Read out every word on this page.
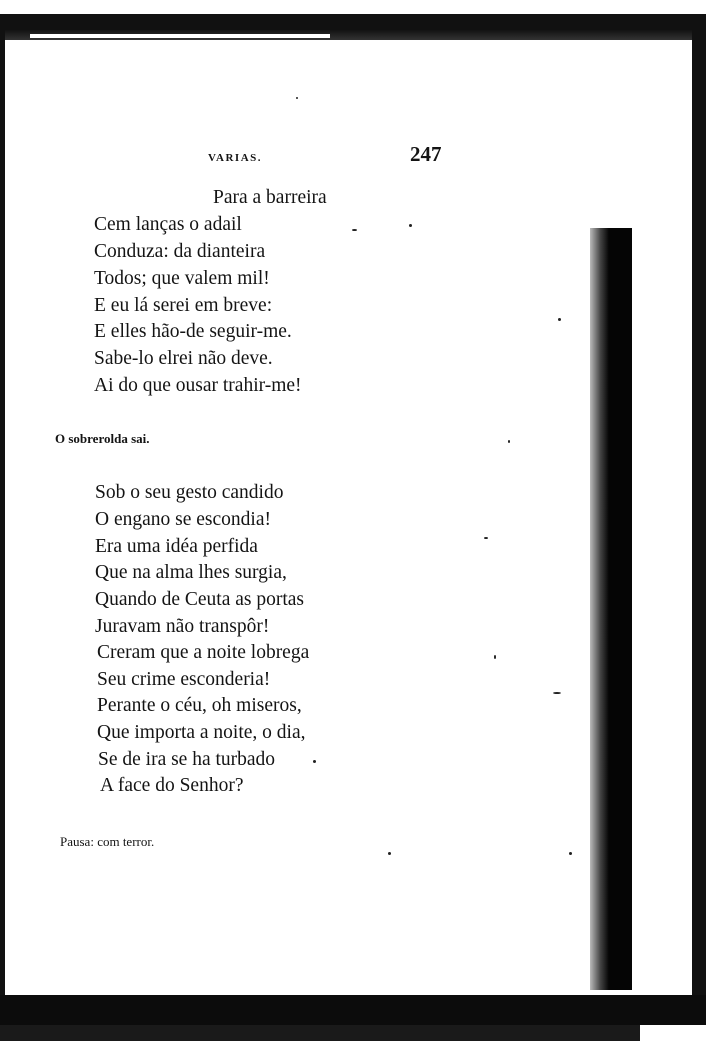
VARIAS.	247
Para a barreira
Cem lanças o adail
Conduza: da dianteira
Todos; que valem mil!
E eu lá serei em breve:
E elles hão-de seguir-me.
Sabe-lo elrei não deve.
Ai do que ousar trahir-me!
O sobrerolda sai.
Sob o seu gesto candido
O engano se escondia!
Era uma idéa perfida
Que na alma lhes surgia,
Quando de Ceuta as portas
Juravam não transpôr!
Creram que a noite lobrega
Seu crime esconderia!
Perante o céu, oh miseros,
Que importa a noite, o dia,
Se de ira se ha turbado
A face do Senhor?
Pausa: com terror.
